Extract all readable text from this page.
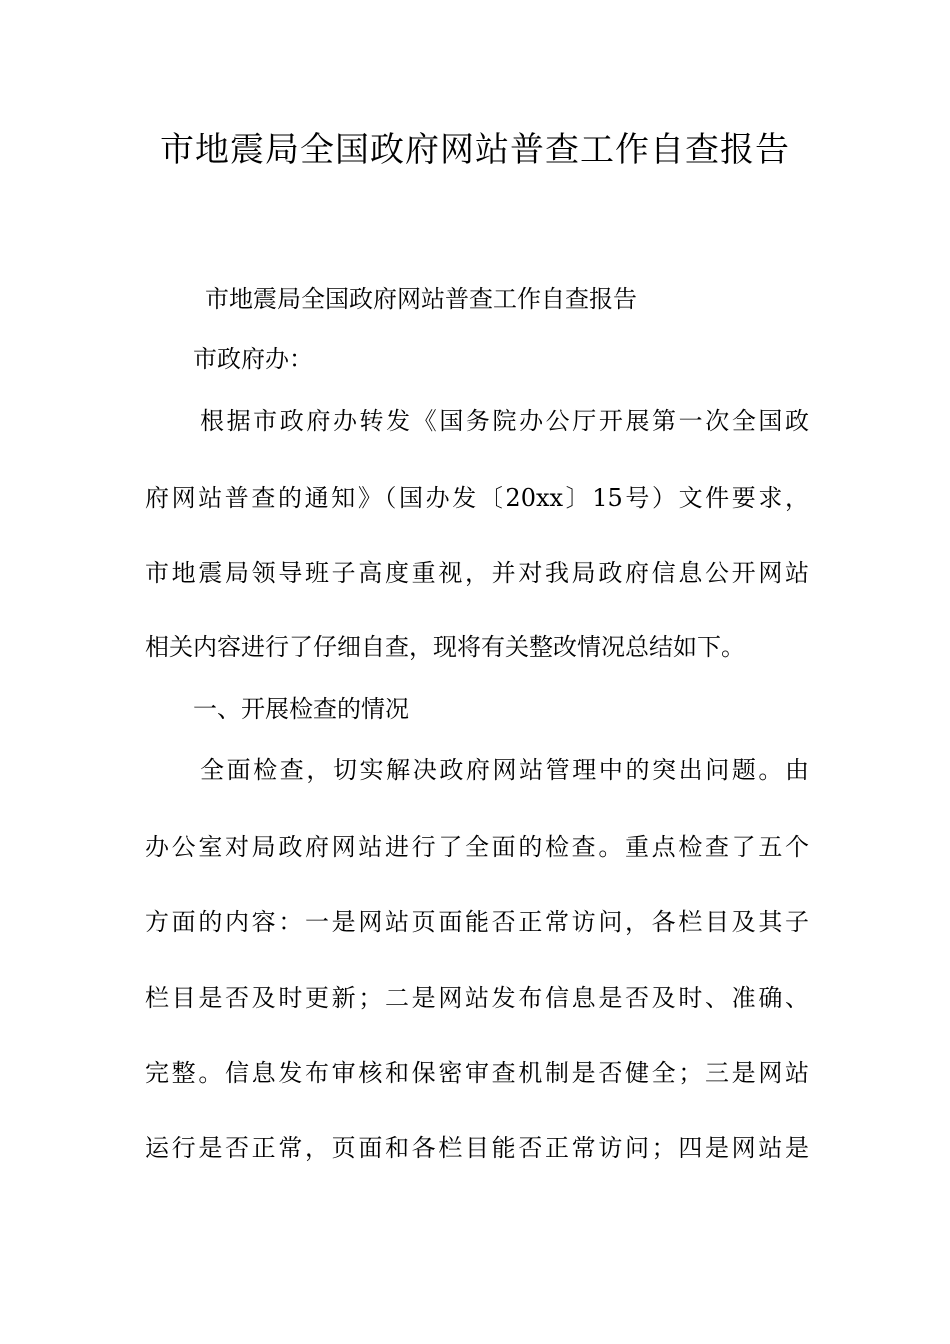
市地震局全国政府网站普查工作自查报告

市地震局全国政府网站普查工作自查报告

市政府办：

根据市政府办转发《国务院办公厅开展第一次全国政

府网站普查的通知》（国办发〔20xx〕15号）文件要求，

市地震局领导班子高度重视，并对我局政府信息公开网站

相关内容进行了仔细自查，现将有关整改情况总结如下。

一、开展检查的情况

全面检查，切实解决政府网站管理中的突出问题。由

办公室对局政府网站进行了全面的检查。重点检查了五个

方面的内容：一是网站页面能否正常访问，各栏目及其子

栏目是否及时更新；二是网站发布信息是否及时、准确、

完整。信息发布审核和保密审查机制是否健全；三是网站

运行是否正常，页面和各栏目能否正常访问；四是网站是
